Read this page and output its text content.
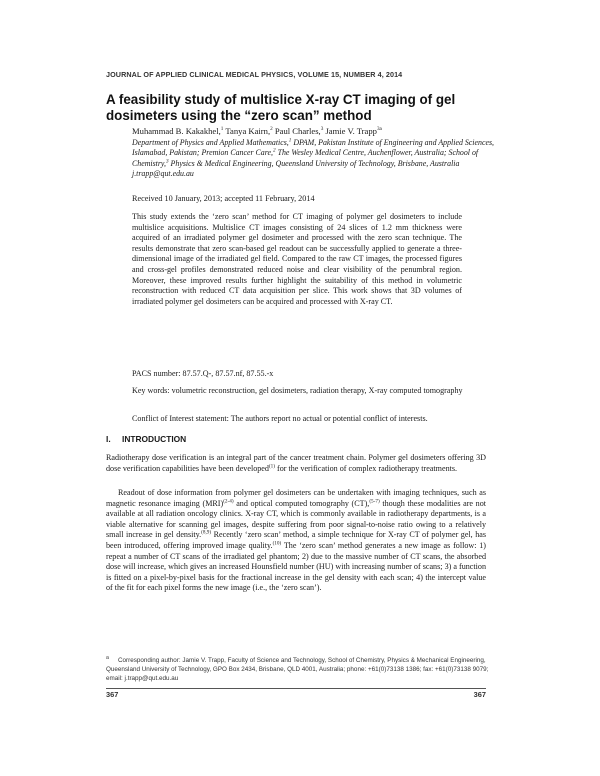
JOURNAL OF APPLIED CLINICAL MEDICAL PHYSICS, VOLUME 15, NUMBER 4, 2014
A feasibility study of multislice X-ray CT imaging of gel dosimeters using the “zero scan” method
Muhammad B. Kakakhel,$^1$ Tanya Kairn,$^2$ Paul Charles,$^3$ Jamie V. Trapp$^{3a}$
Department of Physics and Applied Mathematics,$^1$ DPAM, Pakistan Institute of Engineering and Applied Sciences, Islamabad, Pakistan; Premion Cancer Care,$^2$ The Wesley Medical Centre, Auchenflower, Australia; School of Chemistry,$^3$ Physics & Medical Engineering, Queensland University of Technology, Brisbane, Australia
j.trapp@qut.edu.au
Received 10 January, 2013; accepted 11 February, 2014
This study extends the ‘zero scan’ method for CT imaging of polymer gel dosimeters to include multislice acquisitions. Multislice CT images consisting of 24 slices of 1.2 mm thickness were acquired of an irradiated polymer gel dosimeter and processed with the zero scan technique. The results demonstrate that zero scan-based gel readout can be successfully applied to generate a three-dimensional image of the irradiated gel field. Compared to the raw CT images, the processed figures and cross-gel profiles demonstrated reduced noise and clear visibility of the penumbral region. Moreover, these improved results further highlight the suitability of this method in volumetric reconstruction with reduced CT data acquisition per slice. This work shows that 3D volumes of irradiated polymer gel dosimeters can be acquired and processed with X-ray CT.
PACS number: 87.57.Q-, 87.57.nf, 87.55.-x
Key words: volumetric reconstruction, gel dosimeters, radiation therapy, X-ray computed tomography
Conflict of Interest statement: The authors report no actual or potential conflict of interests.
I. INTRODUCTION
Radiotherapy dose verification is an integral part of the cancer treatment chain. Polymer gel dosimeters offering 3D dose verification capabilities have been developed$^{(1)}$ for the verification of complex radiotherapy treatments.
Readout of dose information from polymer gel dosimeters can be undertaken with imaging techniques, such as magnetic resonance imaging (MRI)$^{(2-4)}$ and optical computed tomography (CT),$^{(5-7)}$ though these modalities are not available at all radiation oncology clinics. X-ray CT, which is commonly available in radiotherapy departments, is a viable alternative for scanning gel images, despite suffering from poor signal-to-noise ratio owing to a relatively small increase in gel density.$^{(8,9)}$ Recently ‘zero scan’ method, a simple technique for X-ray CT of polymer gel, has been introduced, offering improved image quality.$^{(10)}$ The ‘zero scan’ method generates a new image as follow: 1) repeat a number of CT scans of the irradiated gel phantom; 2) due to the massive number of CT scans, the absorbed dose will increase, which gives an increased Hounsfield number (HU) with increasing number of scans; 3) a function is fitted on a pixel-by-pixel basis for the fractional increase in the gel density with each scan; 4) the intercept value of the fit for each pixel forms the new image (i.e., the ‘zero scan’).
$^a$ Corresponding author: Jamie V. Trapp, Faculty of Science and Technology, School of Chemistry, Physics & Mechanical Engineering, Queensland University of Technology, GPO Box 2434, Brisbane, QLD 4001, Australia; phone: +61(0)73138 1386; fax: +61(0)73138 9079; email: j.trapp@qut.edu.au
367	367
